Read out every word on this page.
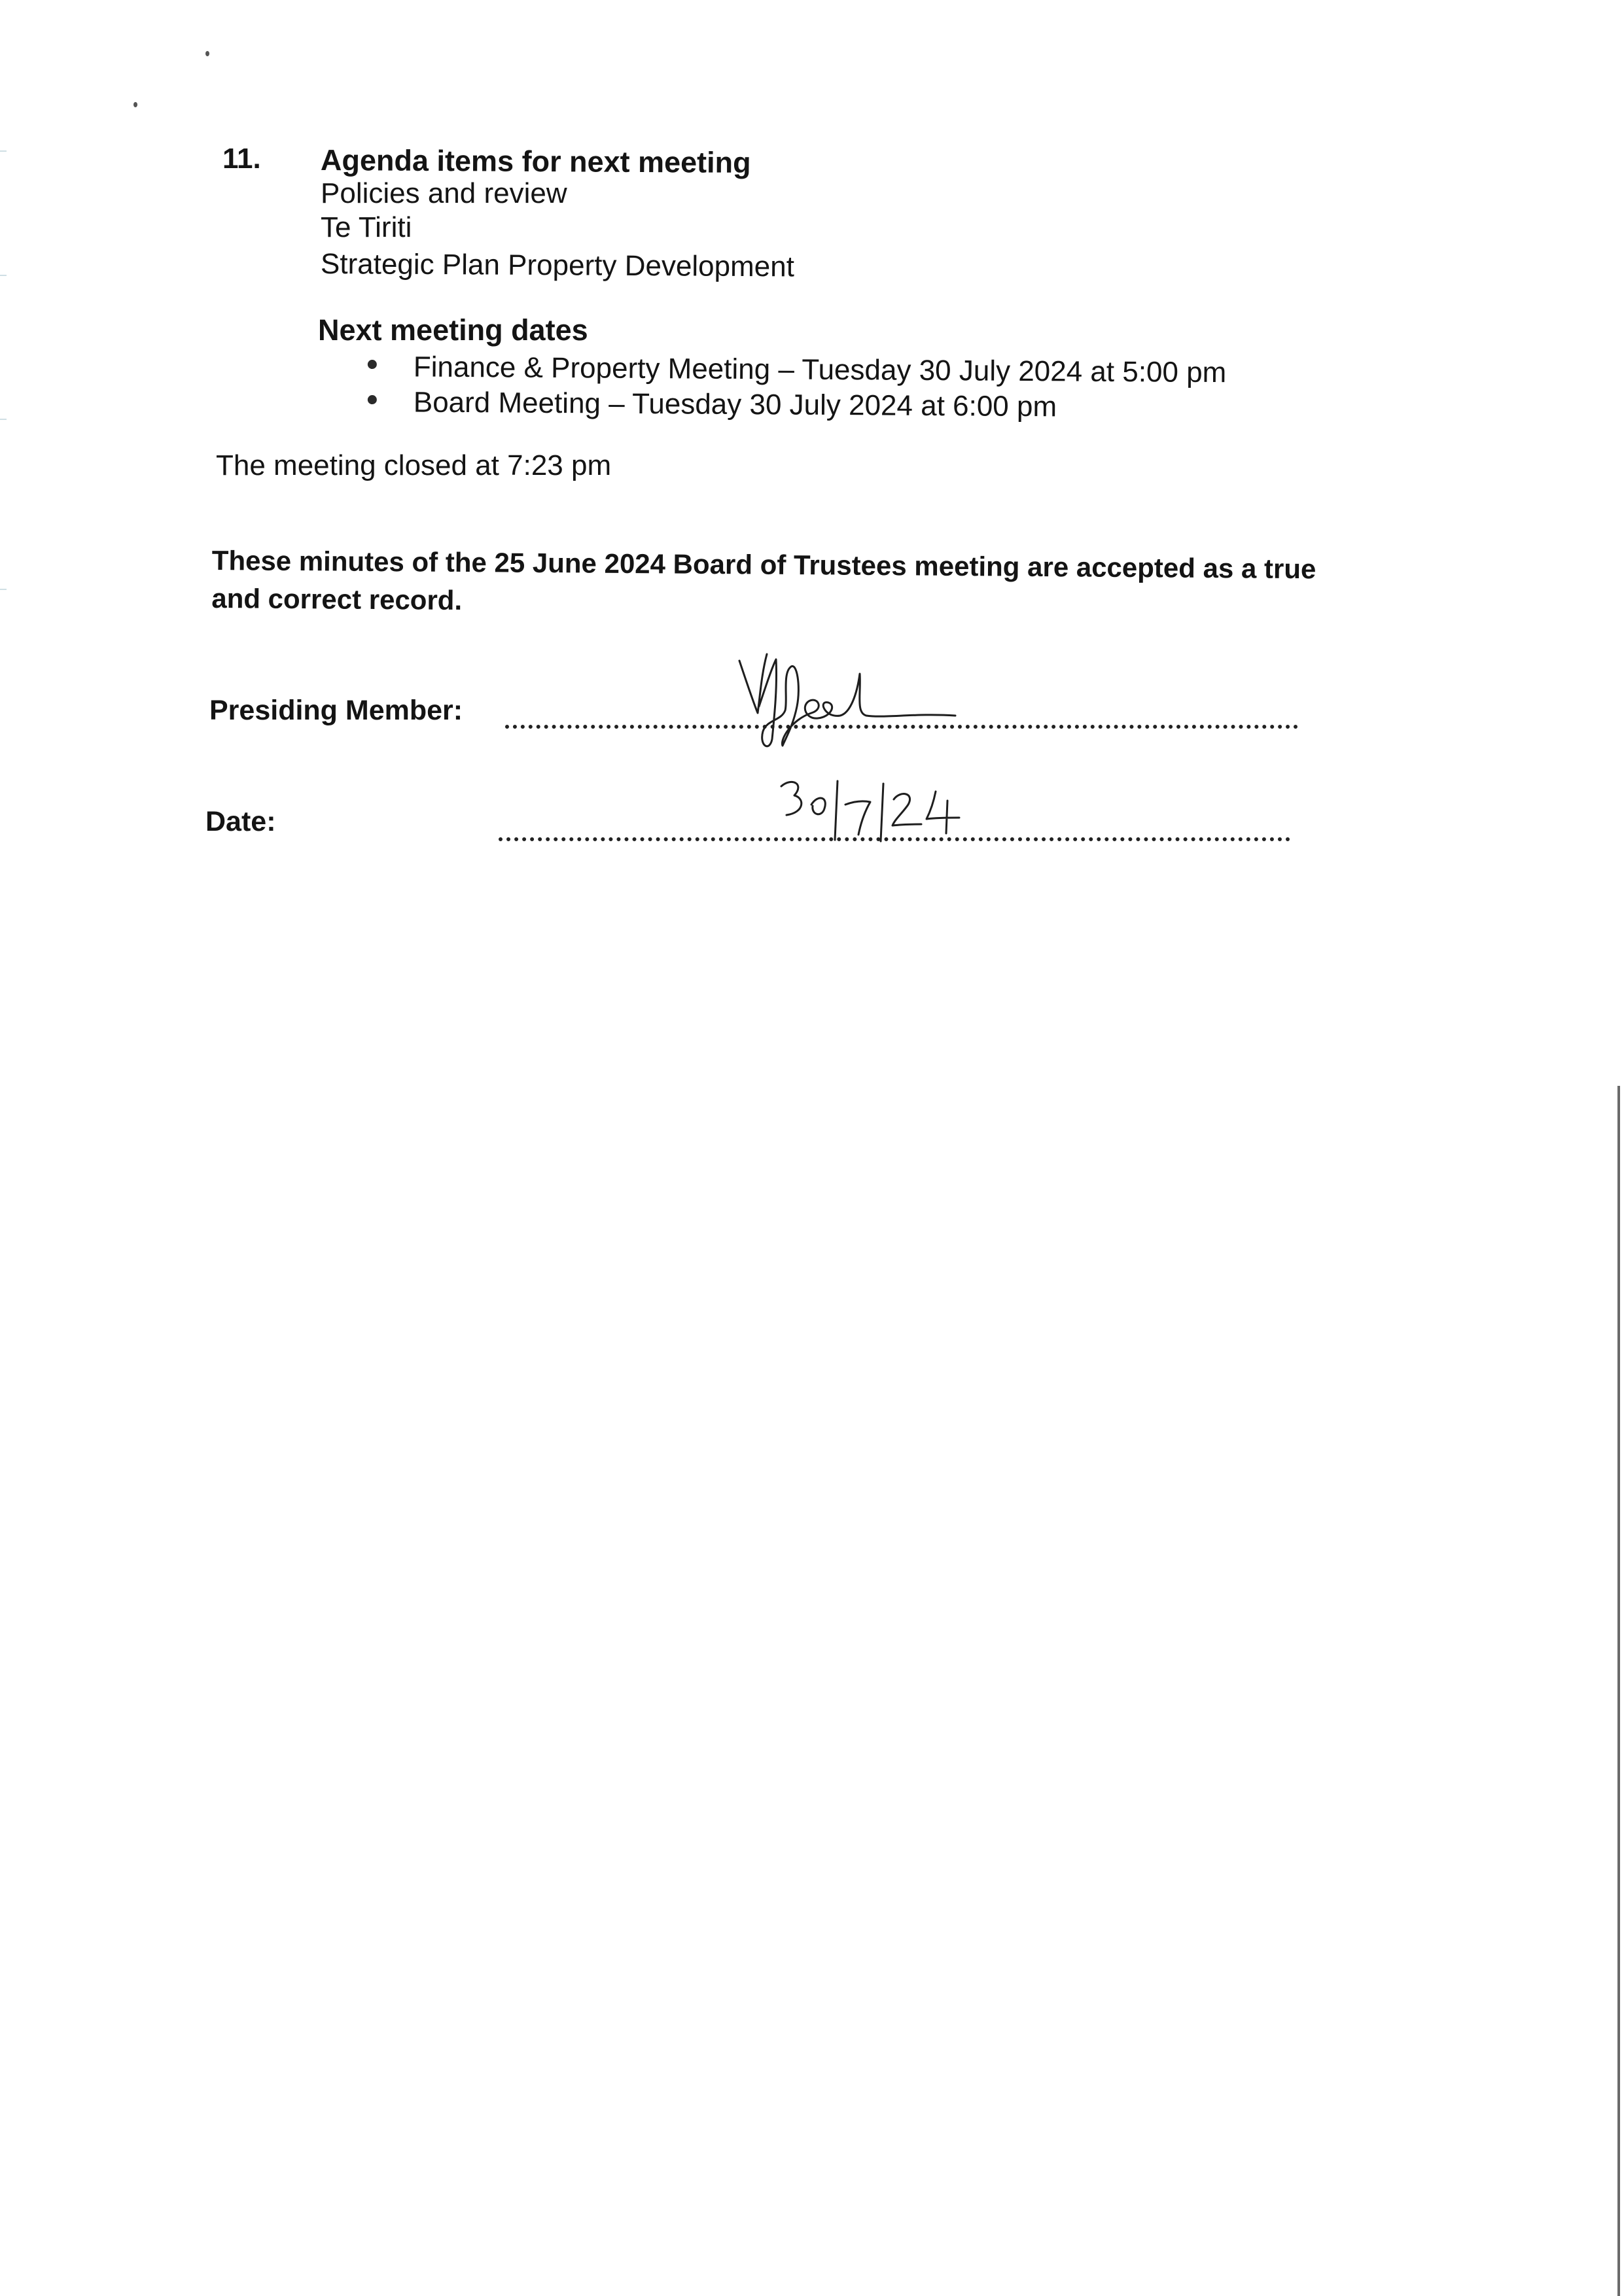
11. Agenda items for next meeting
Policies and review
Te Tiriti
Strategic Plan Property Development
Next meeting dates
Finance & Property Meeting – Tuesday 30 July 2024 at 5:00 pm
Board Meeting – Tuesday 30 July 2024 at 6:00 pm
The meeting closed at 7:23 pm
These minutes of the 25 June 2024 Board of Trustees meeting are accepted as a true
and correct record.
Presiding Member:
Date:
